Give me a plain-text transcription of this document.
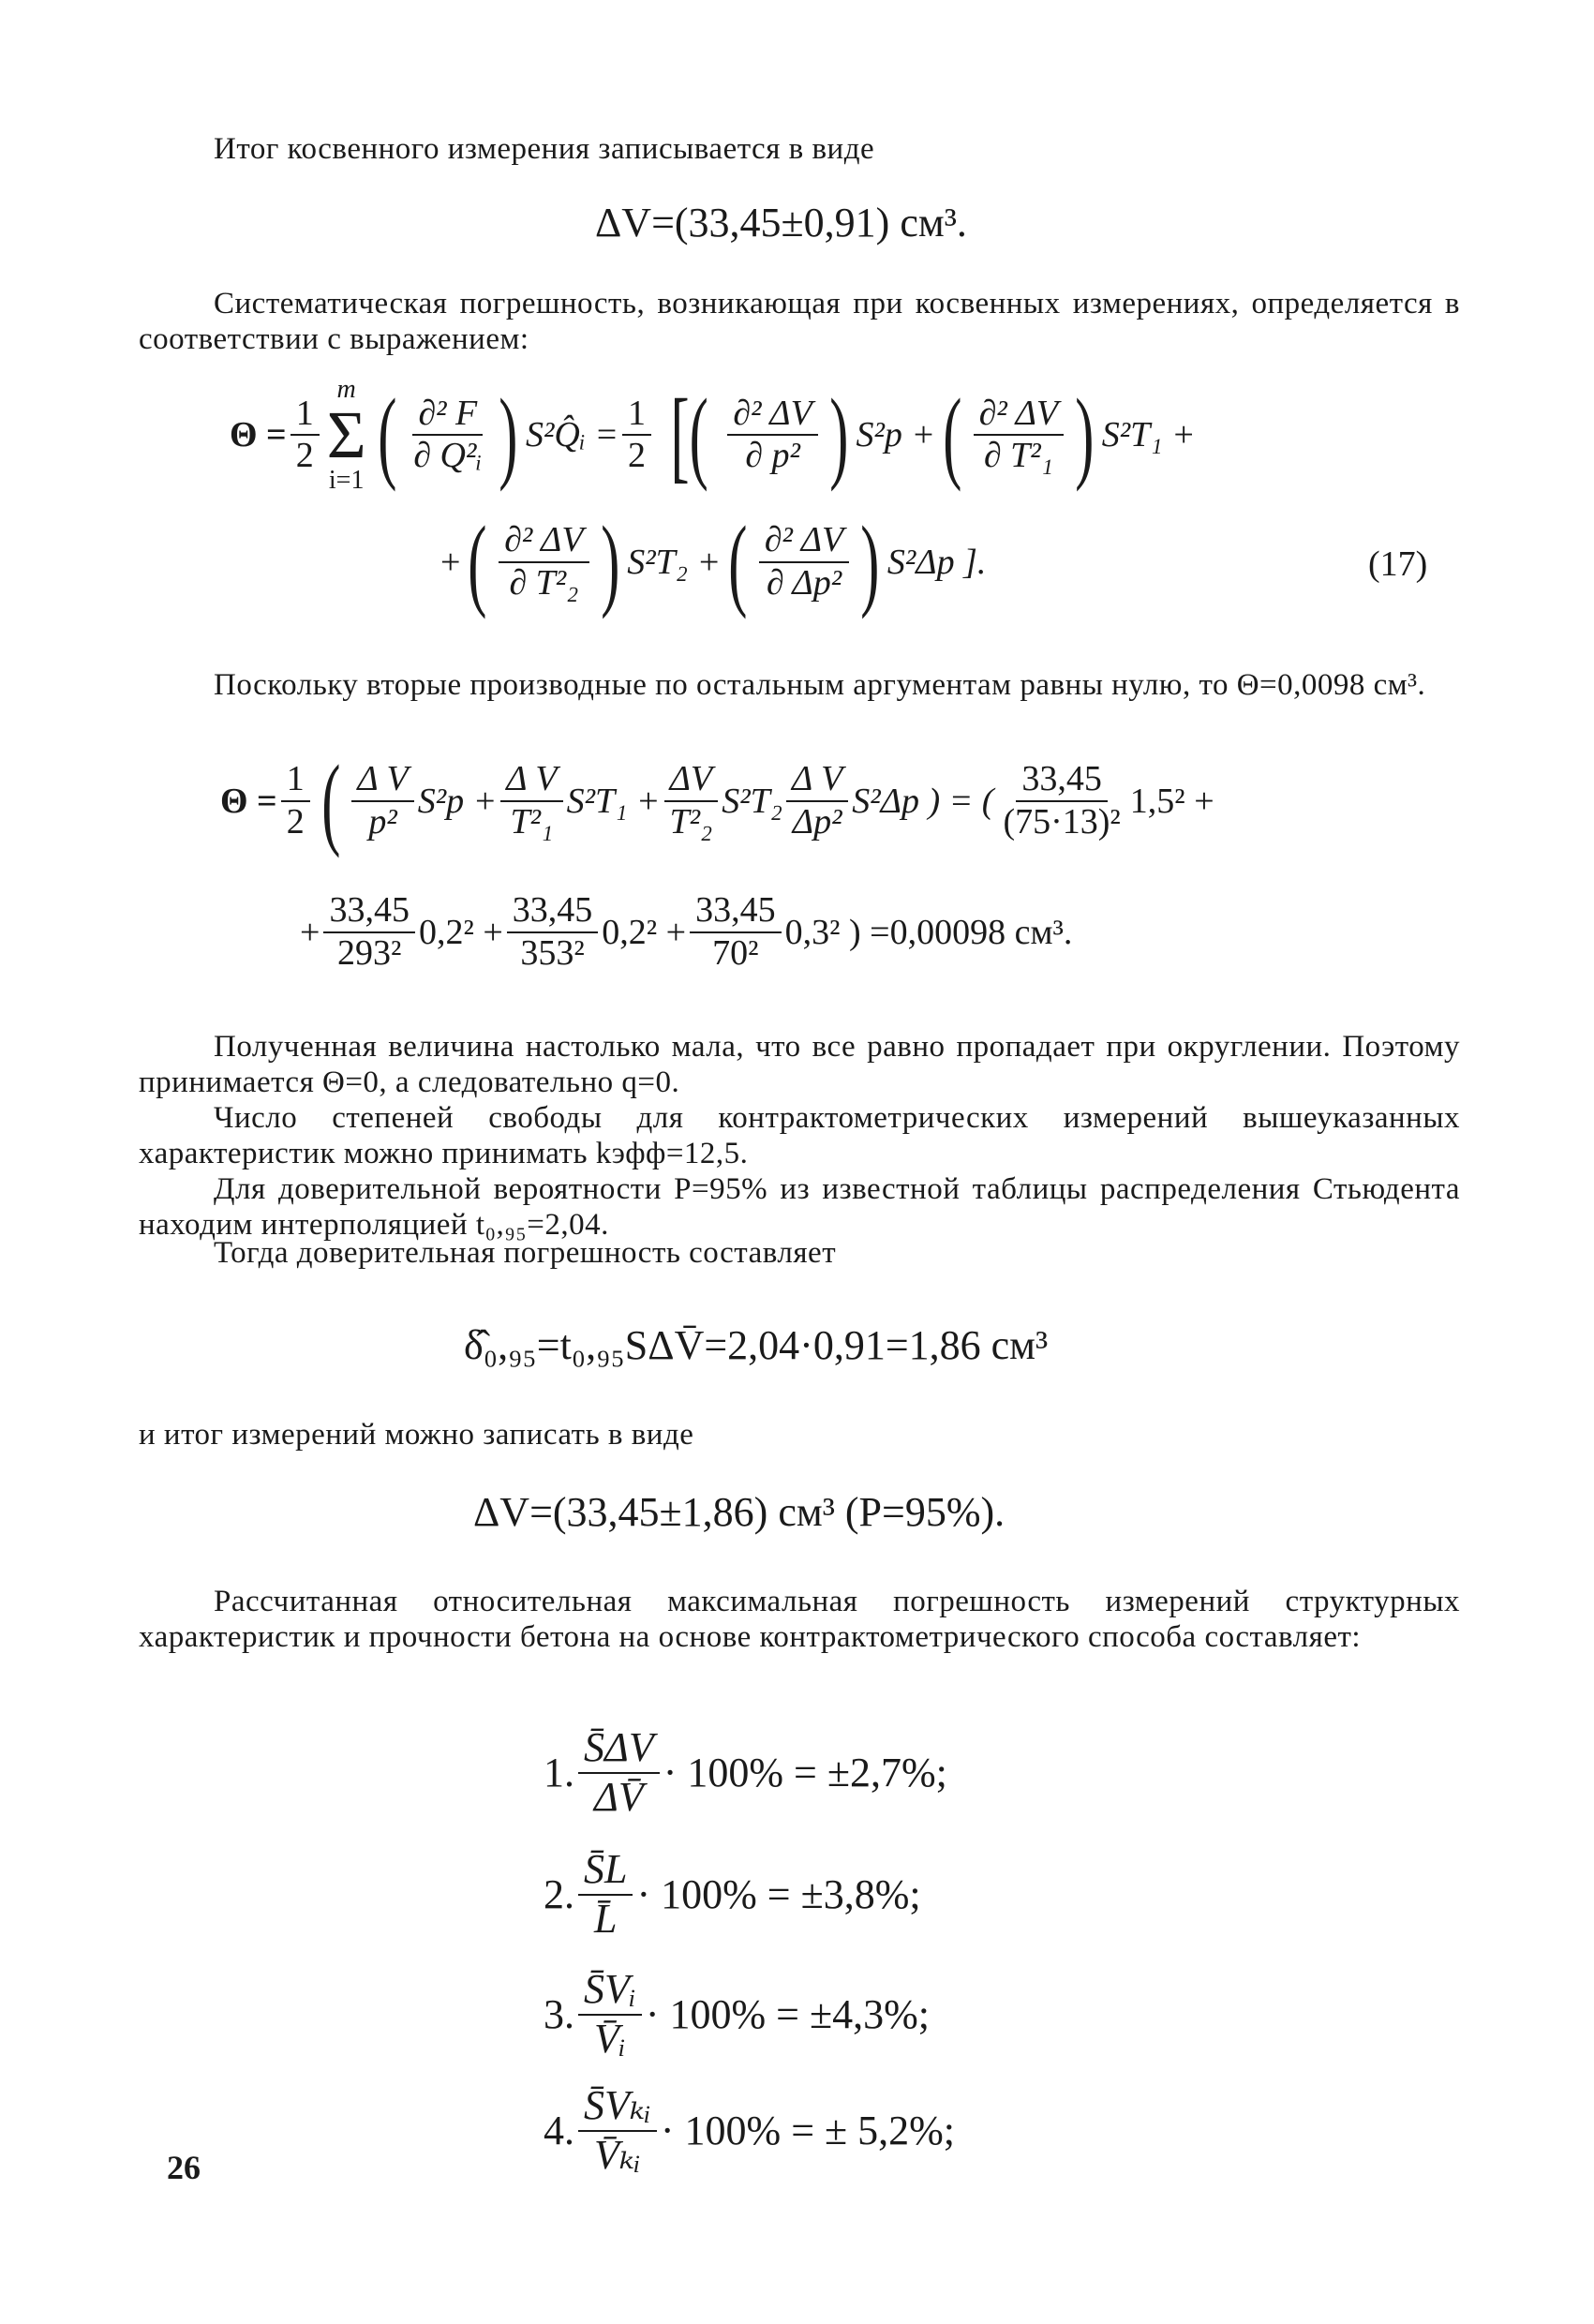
Итог косвенного измерения записывается в виде
ΔV=(33,45±0,91) см³.
Систематическая погрешность, возникающая при косвенных измерениях, определяется в соответствии с выражением:
$\Theta = \frac{1}{2}$
m
Σ
i=1 ( $\frac{\text{∂² F}}{\text{∂ Q²ᵢ}}$ ) S²Q̂ᵢ = $\frac{1}{2}$ [( $\frac{\text{∂² ΔV}}{\text{∂ p²}}$ ) S²p + ( $\frac{\text{∂² ΔV}}{\text{∂ T²₁}}$ ) S²T₁ +
+ ( $\frac{\text{∂² ΔV}}{\text{∂ T²₂}}$ ) S²T₂ + ( $\frac{\text{∂² ΔV}}{\text{∂ Δp²}}$ ) S²Δp ].	(17)
Поскольку вторые производные по остальным аргументам равны нулю, то Θ=0,0098 см³.
$\Theta = \frac{1}{2}$ ( $\frac{\text{Δ V}}{\text{p²}} S^2p + \frac{\text{Δ V}}{\text{T²₁}} S^2T_1 + \frac{\Delta V}{\text{T²₂}} S^2T_2 \frac{\text{Δ V}}{\text{Δp²}} S^2\Delta p$ ) = ( $\frac{33,45}{\text{(75·13)²}} 1,5^2$ +
+ $\frac{33,45}{\text{293²}} 0,2^2 + \frac{33,45}{\text{353²}} 0,2^2 + \frac{33,45}{\text{70²}} 0,3^2$ ) =0,00098 см³.
Полученная величина настолько мала, что все равно пропадает при округлении. Поэтому принимается Θ=0, а следовательно q=0.
Число степеней свободы для контрактометрических измерений вышеуказанных характеристик можно принимать kэфф=12,5.
Для доверительной вероятности P=95% из известной таблицы распределения Стьюдента находим интерполяцией t₀,₉₅=2,04.
Тогда доверительная погрешность составляет
δ̂₀,₉₅=t₀,₉₅SΔV̄=2,04·0,91=1,86 см³
и итог измерений можно записать в виде
ΔV=(33,45±1,86) см³ (P=95%).
Рассчитанная относительная максимальная погрешность измерений структурных характеристик и прочности бетона на основе контрактометрического способа составляет:
1. $\frac{S̄\Delta V}{\Delta V̄} \cdot 100\% = \pm 2,7\%$;
2. $\frac{S̄L}{L̄} \cdot 100\% = \pm 3,8\%$;
3. $\frac{\text{S̄Vᵢ}}{\text{V̄ᵢ}} \cdot 100\% = \pm 4,3\%$;
4. $\frac{\text{S̄Vₖᵢ}}{\text{V̄ₖᵢ}} \cdot 100\%$ = ± 5,2%;
26
